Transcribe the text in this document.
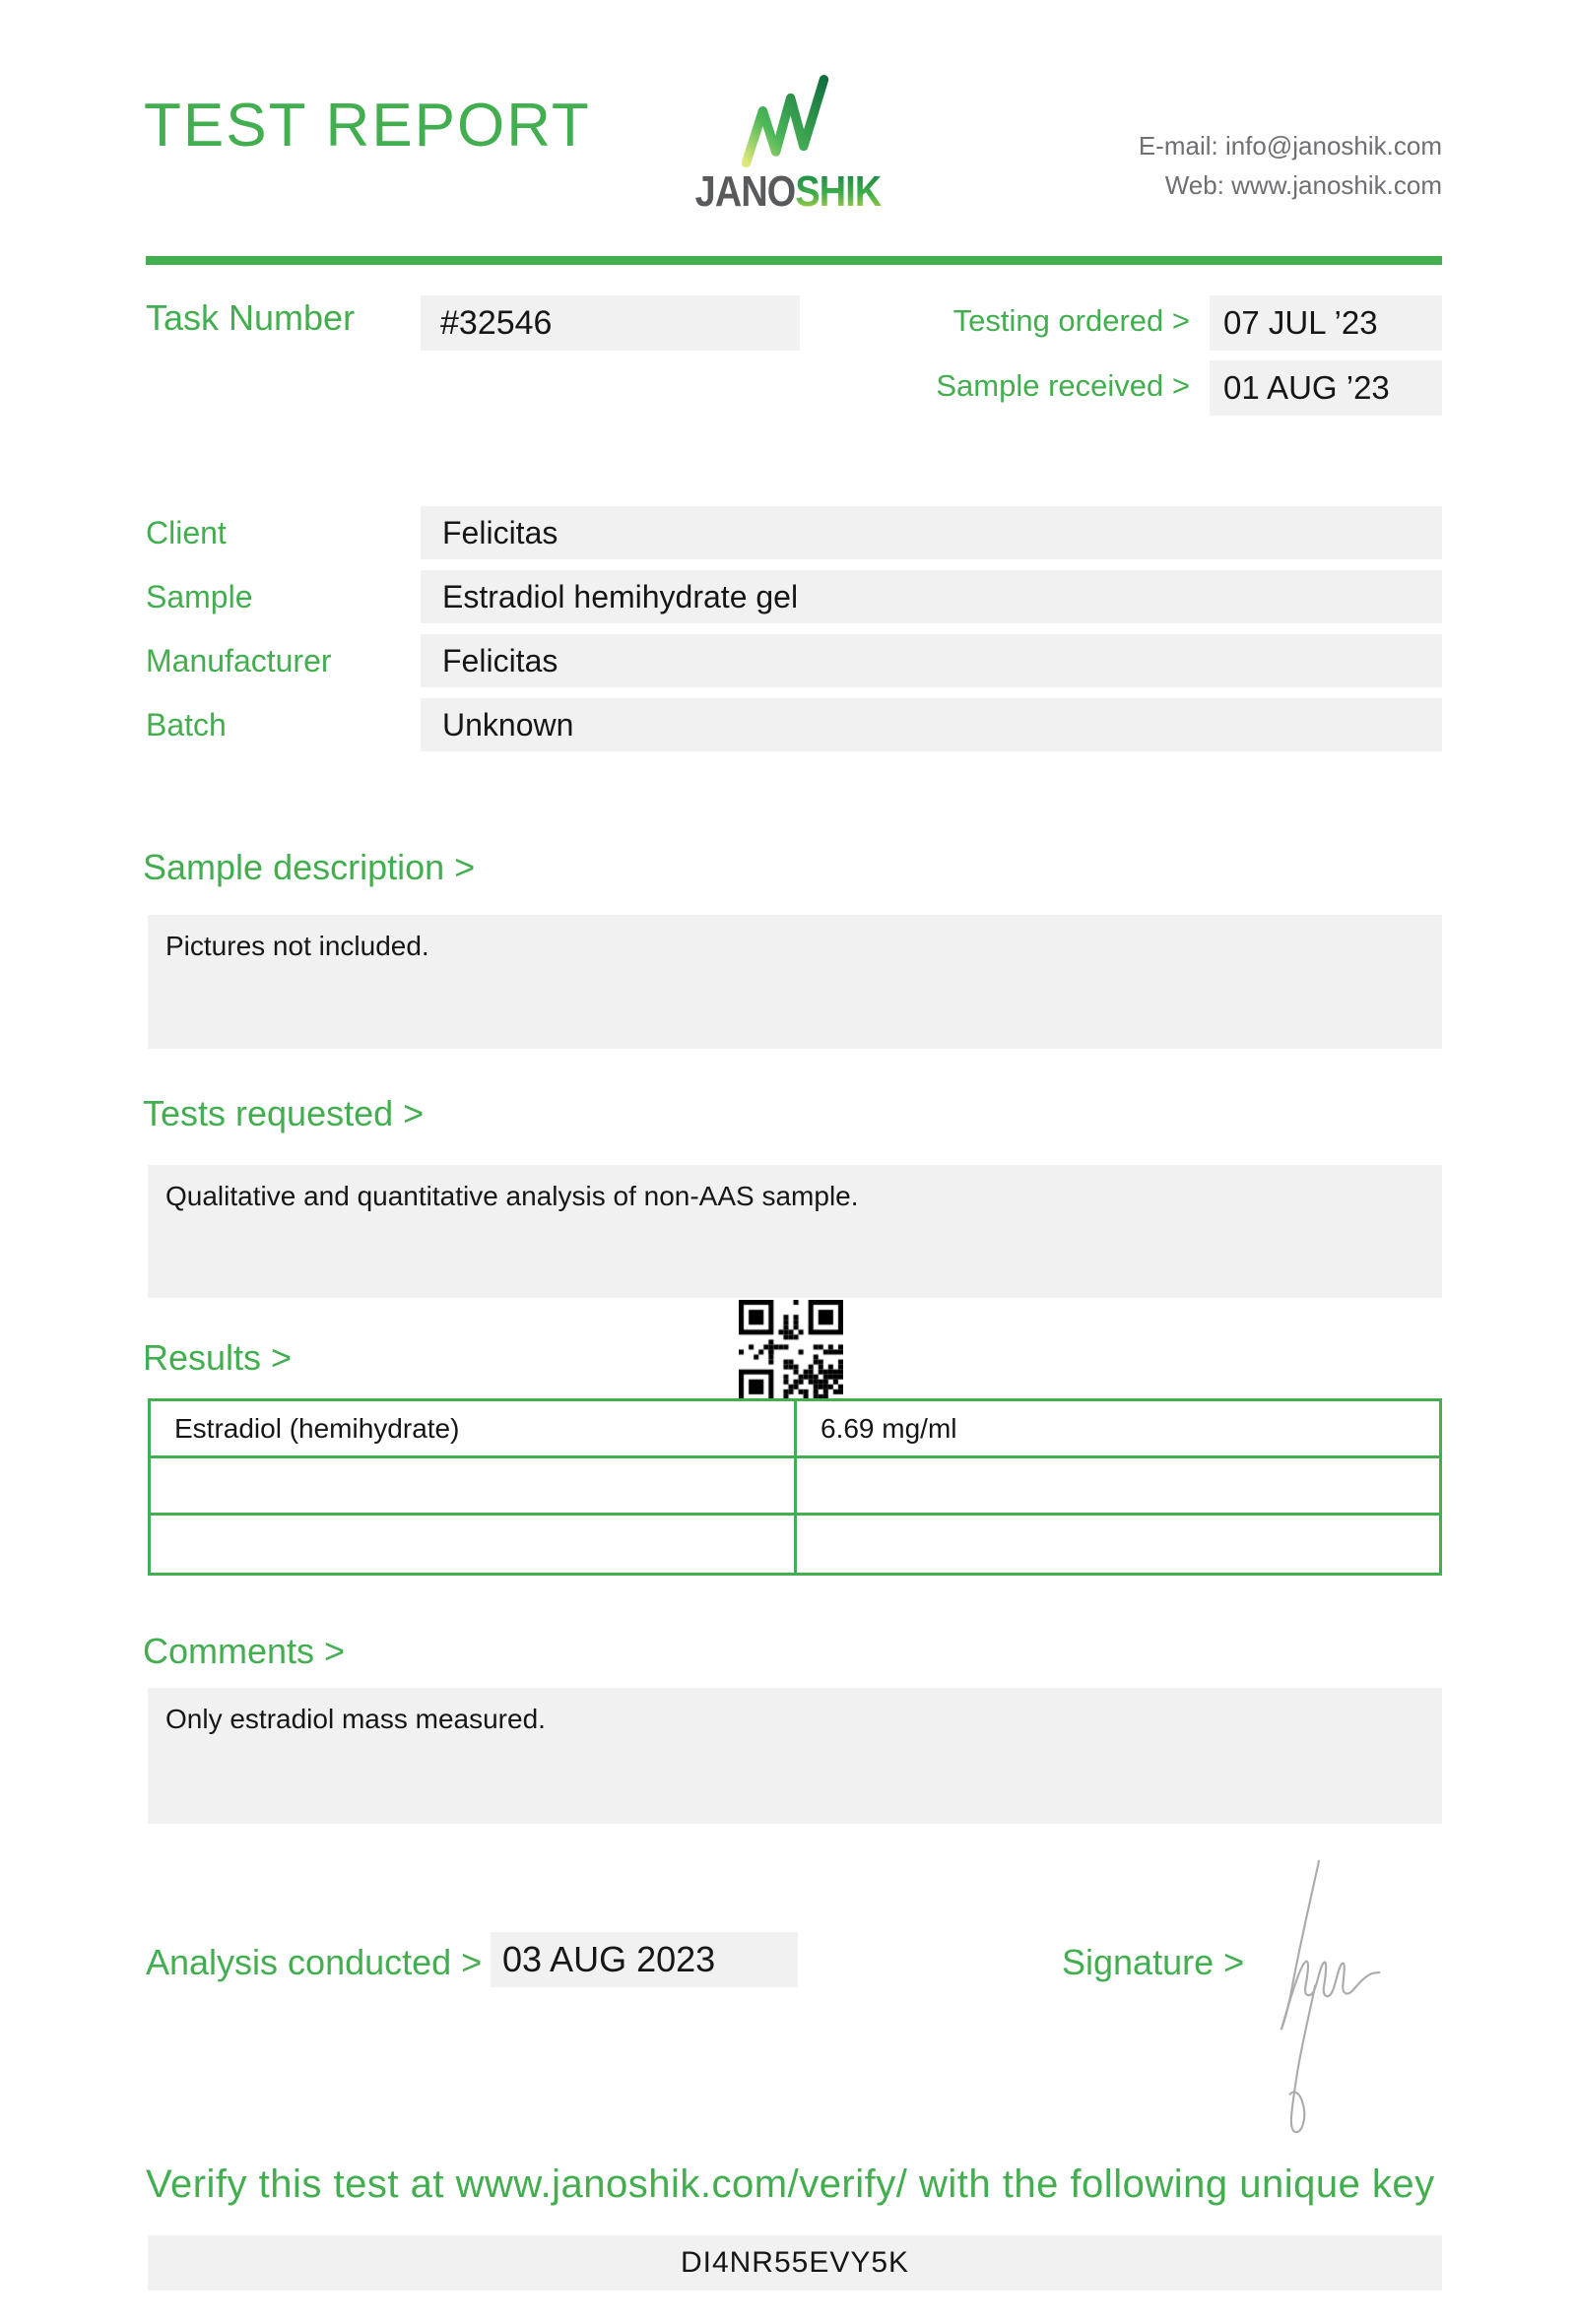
TEST REPORT
JANOSHIK
E-mail: info@janoshik.com
Web: www.janoshik.com
Task Number	#32546	Testing ordered >	07 JUL ’23
Sample received >	01 AUG ’23
Client	Felicitas
Sample	Estradiol hemihydrate gel
Manufacturer	Felicitas
Batch	Unknown
Sample description >
Pictures not included.
Tests requested >
Qualitative and quantitative analysis of non-AAS sample.
Results >
Estradiol (hemihydrate)	6.69 mg/ml
Comments >
Only estradiol mass measured.
Analysis conducted > 03 AUG 2023	Signature >
Verify this test at www.janoshik.com/verify/ with the following unique key
DI4NR55EVY5K
